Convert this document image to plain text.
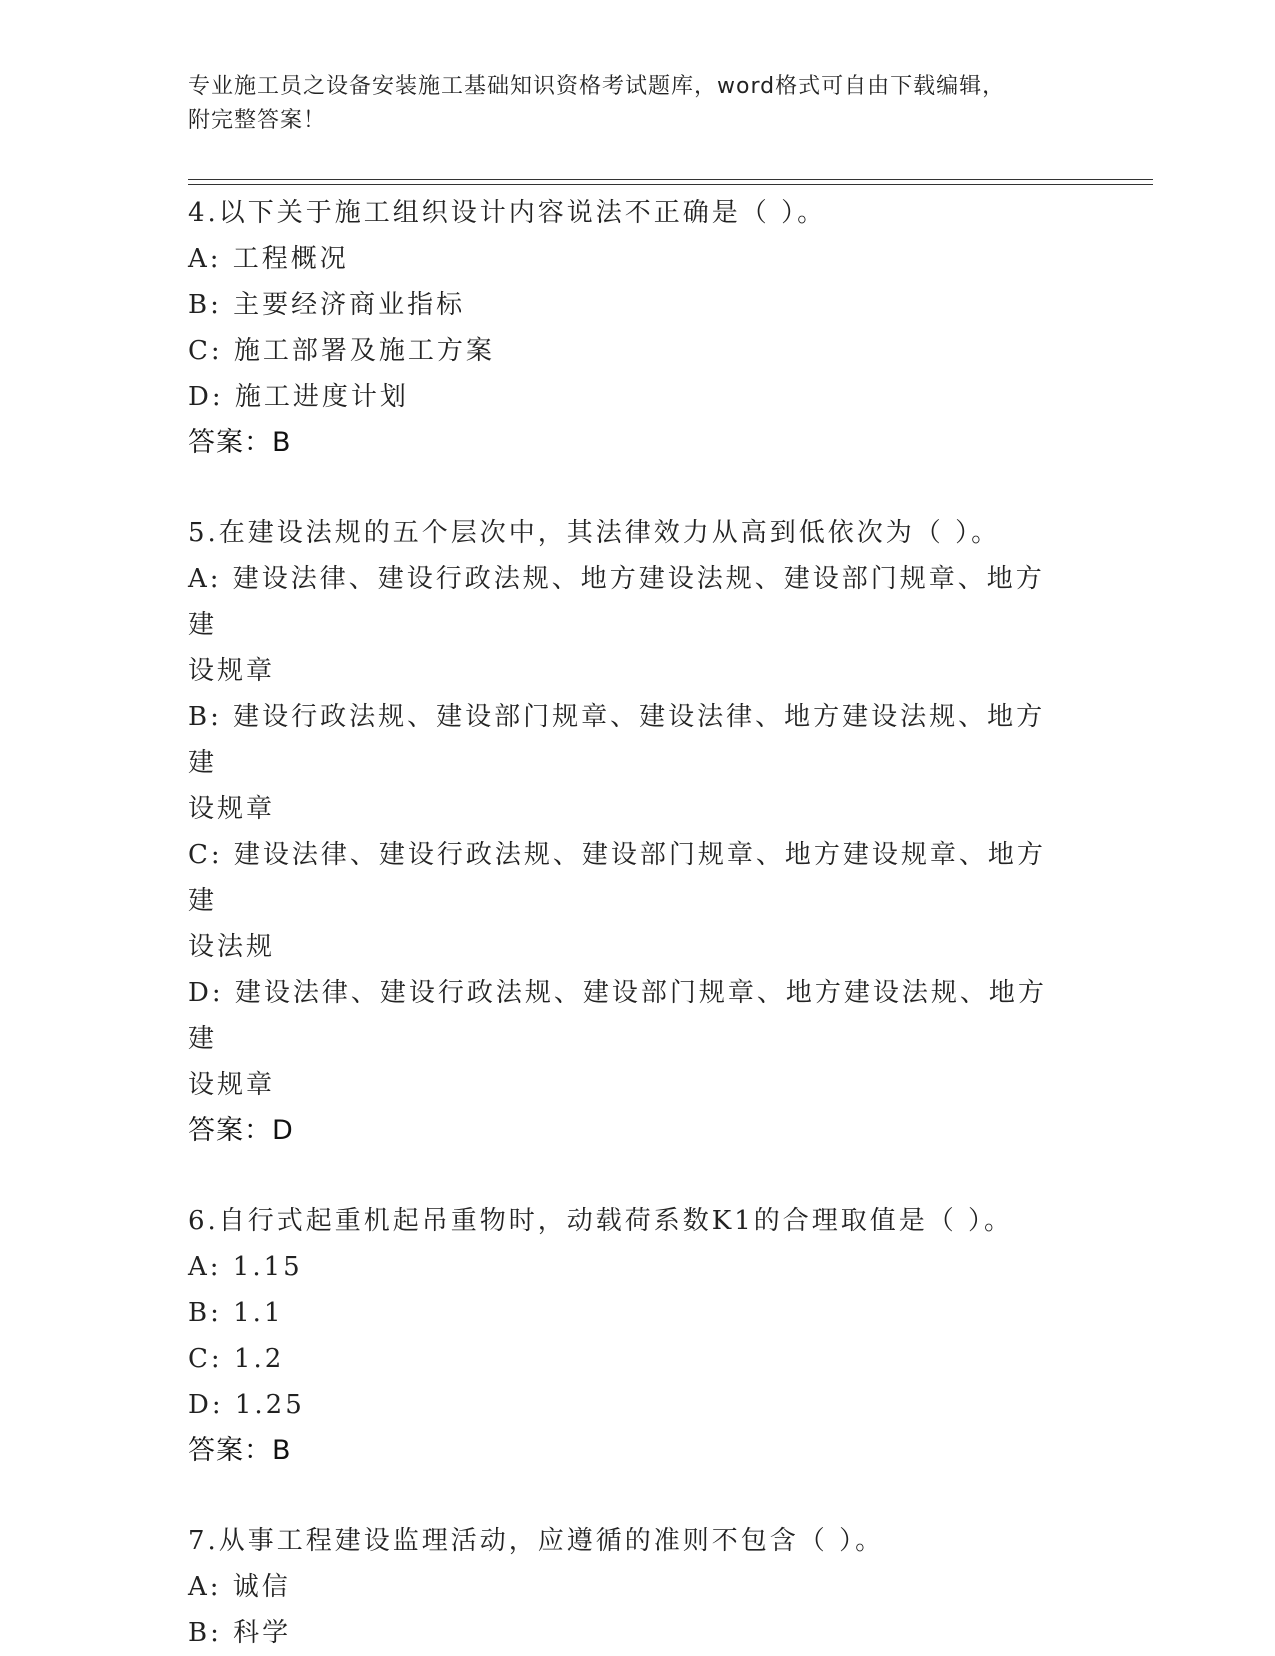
专业施工员之设备安装施工基础知识资格考试题库，word格式可自由下载编辑，
附完整答案！
4.以下关于施工组织设计内容说法不正确是（ ）。
A: 工程概况
B: 主要经济商业指标
C: 施工部署及施工方案
D: 施工进度计划
答案：B
5.在建设法规的五个层次中，其法律效力从高到低依次为（ ）。
A: 建设法律、建设行政法规、地方建设法规、建设部门规章、地方建
设规章
B: 建设行政法规、建设部门规章、建设法律、地方建设法规、地方建
设规章
C: 建设法律、建设行政法规、建设部门规章、地方建设规章、地方建
设法规
D: 建设法律、建设行政法规、建设部门规章、地方建设法规、地方建
设规章
答案：D
6.自行式起重机起吊重物时，动载荷系数K1的合理取值是（ ）。
A: 1.15
B: 1.1
C: 1.2
D: 1.25
答案：B
7.从事工程建设监理活动，应遵循的准则不包含（ ）。
A: 诚信
B: 科学
